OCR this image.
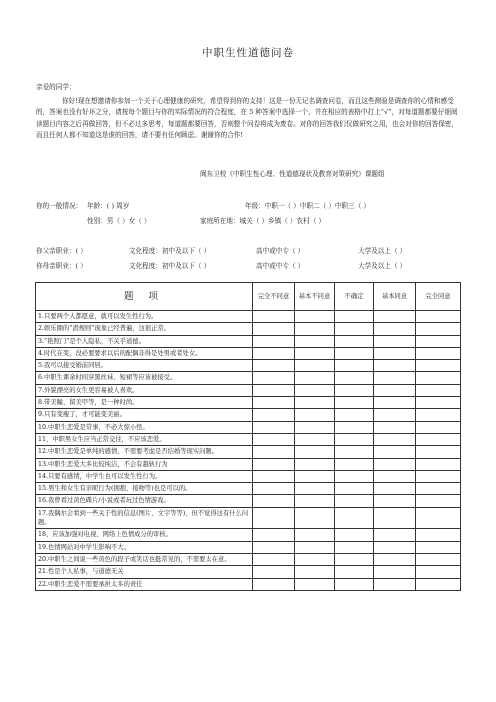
中职生性道德问卷
亲爱的同学：
你好!现在想邀请你参加一个关于心理健康的研究，希望得到你的支持！这是一份无记名调查问卷，而且这些测验是调查你的心情和感受的，答案也没有好坏之分，请按每个题目与你的实际情况的符合程度，在 5 种答案中选择一个，并在相应的表格中打上“√”，对每道题都要仔细阅读题目内容之后再做回答，但不必过多思考，每道题都要回答，否则整个问卷将成为废卷。对你的回答我们仅做研究之用，也会对你的回答保密，而且任何人都不知道这是谁的回答，请不要有任何顾虑。谢谢你的合作!
阆东卫校《中职生性心理、性道德现状及教育对策研究》课题组
你的一般情况： 年龄：( ) 周岁	年级：中职一（ ）中职二（ ）中职三（ ）
性别：男（ ）女（ ）	家庭所在地：城关（ ）乡镇（ ）农村（ ）
你父亲职业：( ）	文化程度：初中及以下（ ）	高中或中专（ ）	大学及以上（ ）
你母亲职业：( ）	文化程度：初中及以下（ ）	高中或中专（ ）	大学及以上（ ）
题 项	完全不同意	基本不同意	不确定	基本同意	完全同意
1.只要两个人都愿意，就可以发生性行为。					
2.娱乐圈的“潜规则”现象已经普遍，这很正常。					
3.“艳照门”是个人隐私，不关乎道德。					
4.时代在变，没必要要求以后的配偶非得是处男或者处女。					
5.我可以接受婚前同居。					
6.中职生课余时间穿黑丝袜、短裙等应该被接受。					
7.外貌漂亮的女生更容易被人喜欢。					
8.带美瞳、留美甲等，是一种时尚。					
9.只有变瘦了，才可能变美丽。					
10.中职生恋爱是常事，不必大惊小怪。					
11、中职男女生应当正常交往，不应该恋爱。					
12.中职生恋爱是单纯的感情，不需要考虑是否结婚等现实问题。					
13.中职生恋爱大多比较纯洁，不会有越轨行为					
14.只要有感情，中学生也可以发生性行为。					
15.男生和女生有亲昵行为(拥抱、接吻等)也是可以的。					
16.我曾看过黄色碟片/小说或者玩过色情游戏。					
17.我偶尔会看到一些关于性的信息(图片、文字等等)，但不觉得这有什么问题。					
18、应该加强对电视、网络上色情成分的审核。					
19.色情网站对中学生影响不大。					
20.中职生之间说一些黄色的段子或笑话也挺常见的，不需要太在意。					
21.性是个人私事，与道德无关					
22.中职生恋爱不需要承担太多的责任					
